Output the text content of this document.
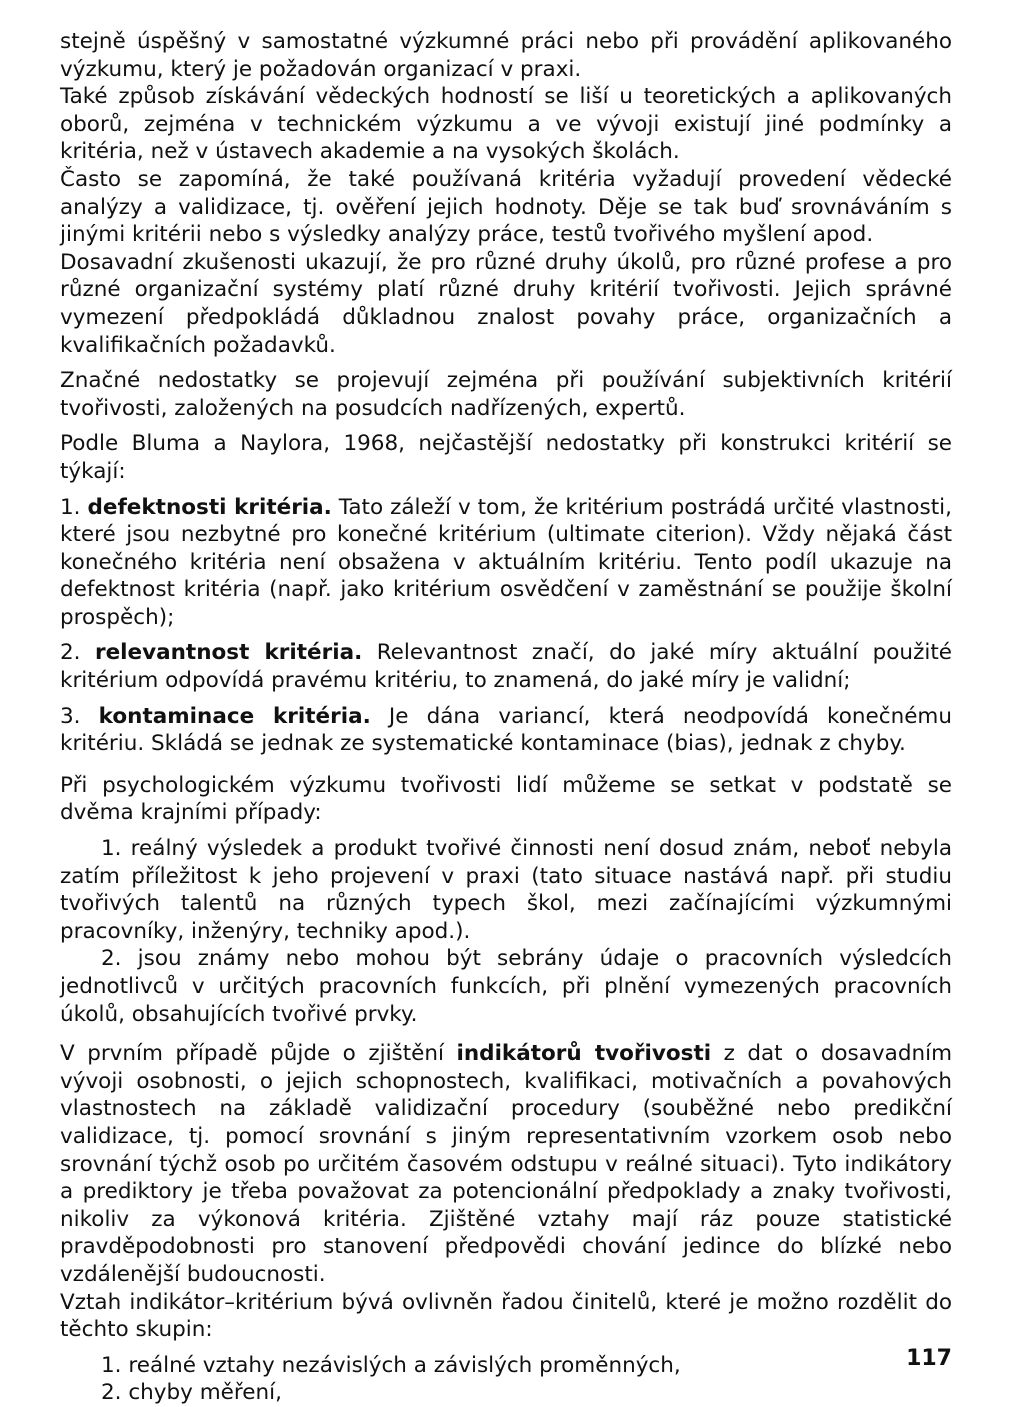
stejně úspěšný v samostatné výzkumné práci nebo při provádění aplikovaného výzkumu, který je požadován organizací v praxi.

Také způsob získávání vědeckých hodností se liší u teoretických a aplikovaných oborů, zejména v technickém výzkumu a ve vývoji existují jiné podmínky a kritéria, než v ústavech akademie a na vysokých školách.

Často se zapomíná, že také používaná kritéria vyžadují provedení vědecké analýzy a validizace, tj. ověření jejich hodnoty. Děje se tak buď srovnáváním s jinými kritérii nebo s výsledky analýzy práce, testů tvořivého myšlení apod.

Dosavadní zkušenosti ukazují, že pro různé druhy úkolů, pro různé profese a pro různé organizační systémy platí různé druhy kritérií tvořivosti. Jejich správné vymezení předpokládá důkladnou znalost povahy práce, organizačních a kvalifikačních požadavků.

Značné nedostatky se projevují zejména při používání subjektivních kritérií tvořivosti, založených na posudcích nadřízených, expertů.

Podle Bluma a Naylora, 1968, nejčastější nedostatky při konstrukci kritérií se týkají:

1. defektnosti kritéria. Tato záleží v tom, že kritérium postrádá určité vlastnosti, které jsou nezbytné pro konečné kritérium (ultimate citerion). Vždy nějaká část konečného kritéria není obsažena v aktuálním kritériu. Tento podíl ukazuje na defektnost kritéria (např. jako kritérium osvědčení v zaměstnání se použije školní prospěch);

2. relevantnost kritéria. Relevantnost značí, do jaké míry aktuální použité kritérium odpovídá pravému kritériu, to znamená, do jaké míry je validní;

3. kontaminace kritéria. Je dána variancí, která neodpovídá konečnému kritériu. Skládá se jednak ze systematické kontaminace (bias), jednak z chyby.

Při psychologickém výzkumu tvořivosti lidí můžeme se setkat v podstatě se dvěma krajními případy:

1. reálný výsledek a produkt tvořivé činnosti není dosud znám, neboť nebyla zatím příležitost k jeho projevení v praxi (tato situace nastává např. při studiu tvořivých talentů na různých typech škol, mezi začínajícími výzkumnými pracovníky, inženýry, techniky apod.).

2. jsou známy nebo mohou být sebrány údaje o pracovních výsledcích jednotlivců v určitých pracovních funkcích, při plnění vymezených pracovních úkolů, obsahujících tvořivé prvky.

V prvním případě půjde o zjištění indikátorů tvořivosti z dat o dosavadním vývoji osobnosti, o jejich schopnostech, kvalifikaci, motivačních a povahových vlastnostech na základě validizační procedury (souběžné nebo predikční validizace, tj. pomocí srovnání s jiným representativním vzorkem osob nebo srovnání týchž osob po určitém časovém odstupu v reálné situaci). Tyto indikátory a prediktory je třeba považovat za potencionální předpoklady a znaky tvořivosti, nikoliv za výkonová kritéria. Zjištěné vztahy mají ráz pouze statistické pravděpodobnosti pro stanovení předpovědi chování jedince do blízké nebo vzdálenější budoucnosti.

Vztah indikátor–kritérium bývá ovlivněn řadou činitelů, které je možno rozdělit do těchto skupin:

1. reálné vztahy nezávislých a závislých proměnných,

2. chyby měření,

117
